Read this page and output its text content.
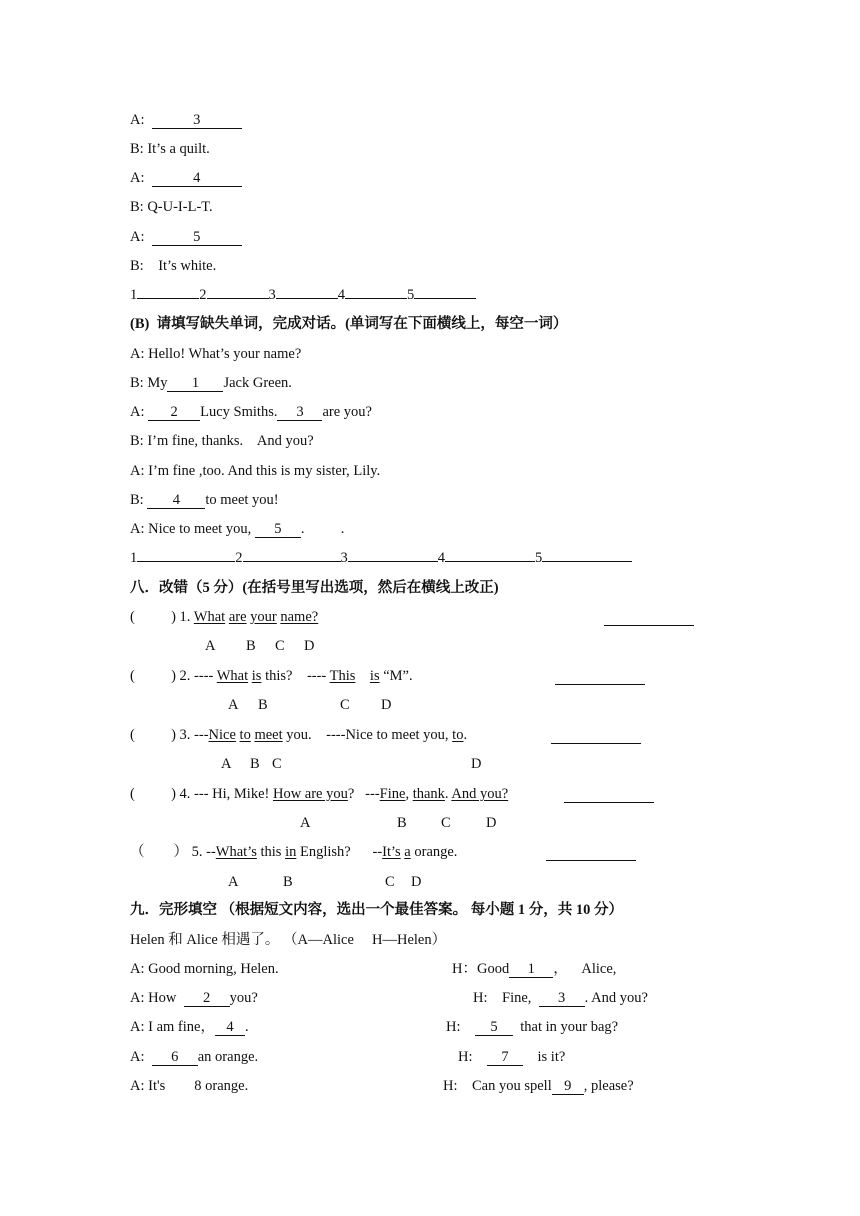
A:	3
B: It’s a quilt.
A:	4
B: Q-U-I-L-T.
A:	5
B:    It’s white.
1	2	3	4	5
(B)  请填写缺失单词，完成对话。(单词写在下面横线上，每空一词）
A: Hello! What’s your name?
B: My 1 Jack Green.
A: 2 Lucy Smiths. 3 are you?
B: I’m fine, thanks.    And you?
A: I’m fine ,too. And this is my sister, Lily.
B: 4 to meet you!
A: Nice to meet you, 5 .          .
1	2	3	4	5
八．改错（5 分）(在括号里写出选项，然后在横线上改正)
(          ) 1. What are your name?
A B C D
(          ) 2. ---- What is this?    ---- This is “M”.
A B	C D
(          ) 3. ---Nice to meet you.    ----Nice to meet you, to.
A B C	D
(          ) 4. --- Hi, Mike! How are you?   ---Fine, thank. And you?
A	B C D
（        ） 5. --What’s this in English?      --It’s a orange.
A	B	C D
九．完形填空 （根据短文内容，选出一个最佳答案。 每小题 1 分，共 10 分）
Helen 和 Alice 相遇了。 （A—Alice     H—Helen）
A: Good morning, Helen.	H：Good 1 ，    Alice,
A: How  2 you?	H:    Fine,  3 . And you?
A: I am fine， 4 .	H:    5  that in your bag?
A:  6 an orange.	H:    7    is it?
A: It's        8 orange.	H:    Can you spell 9 , please?
